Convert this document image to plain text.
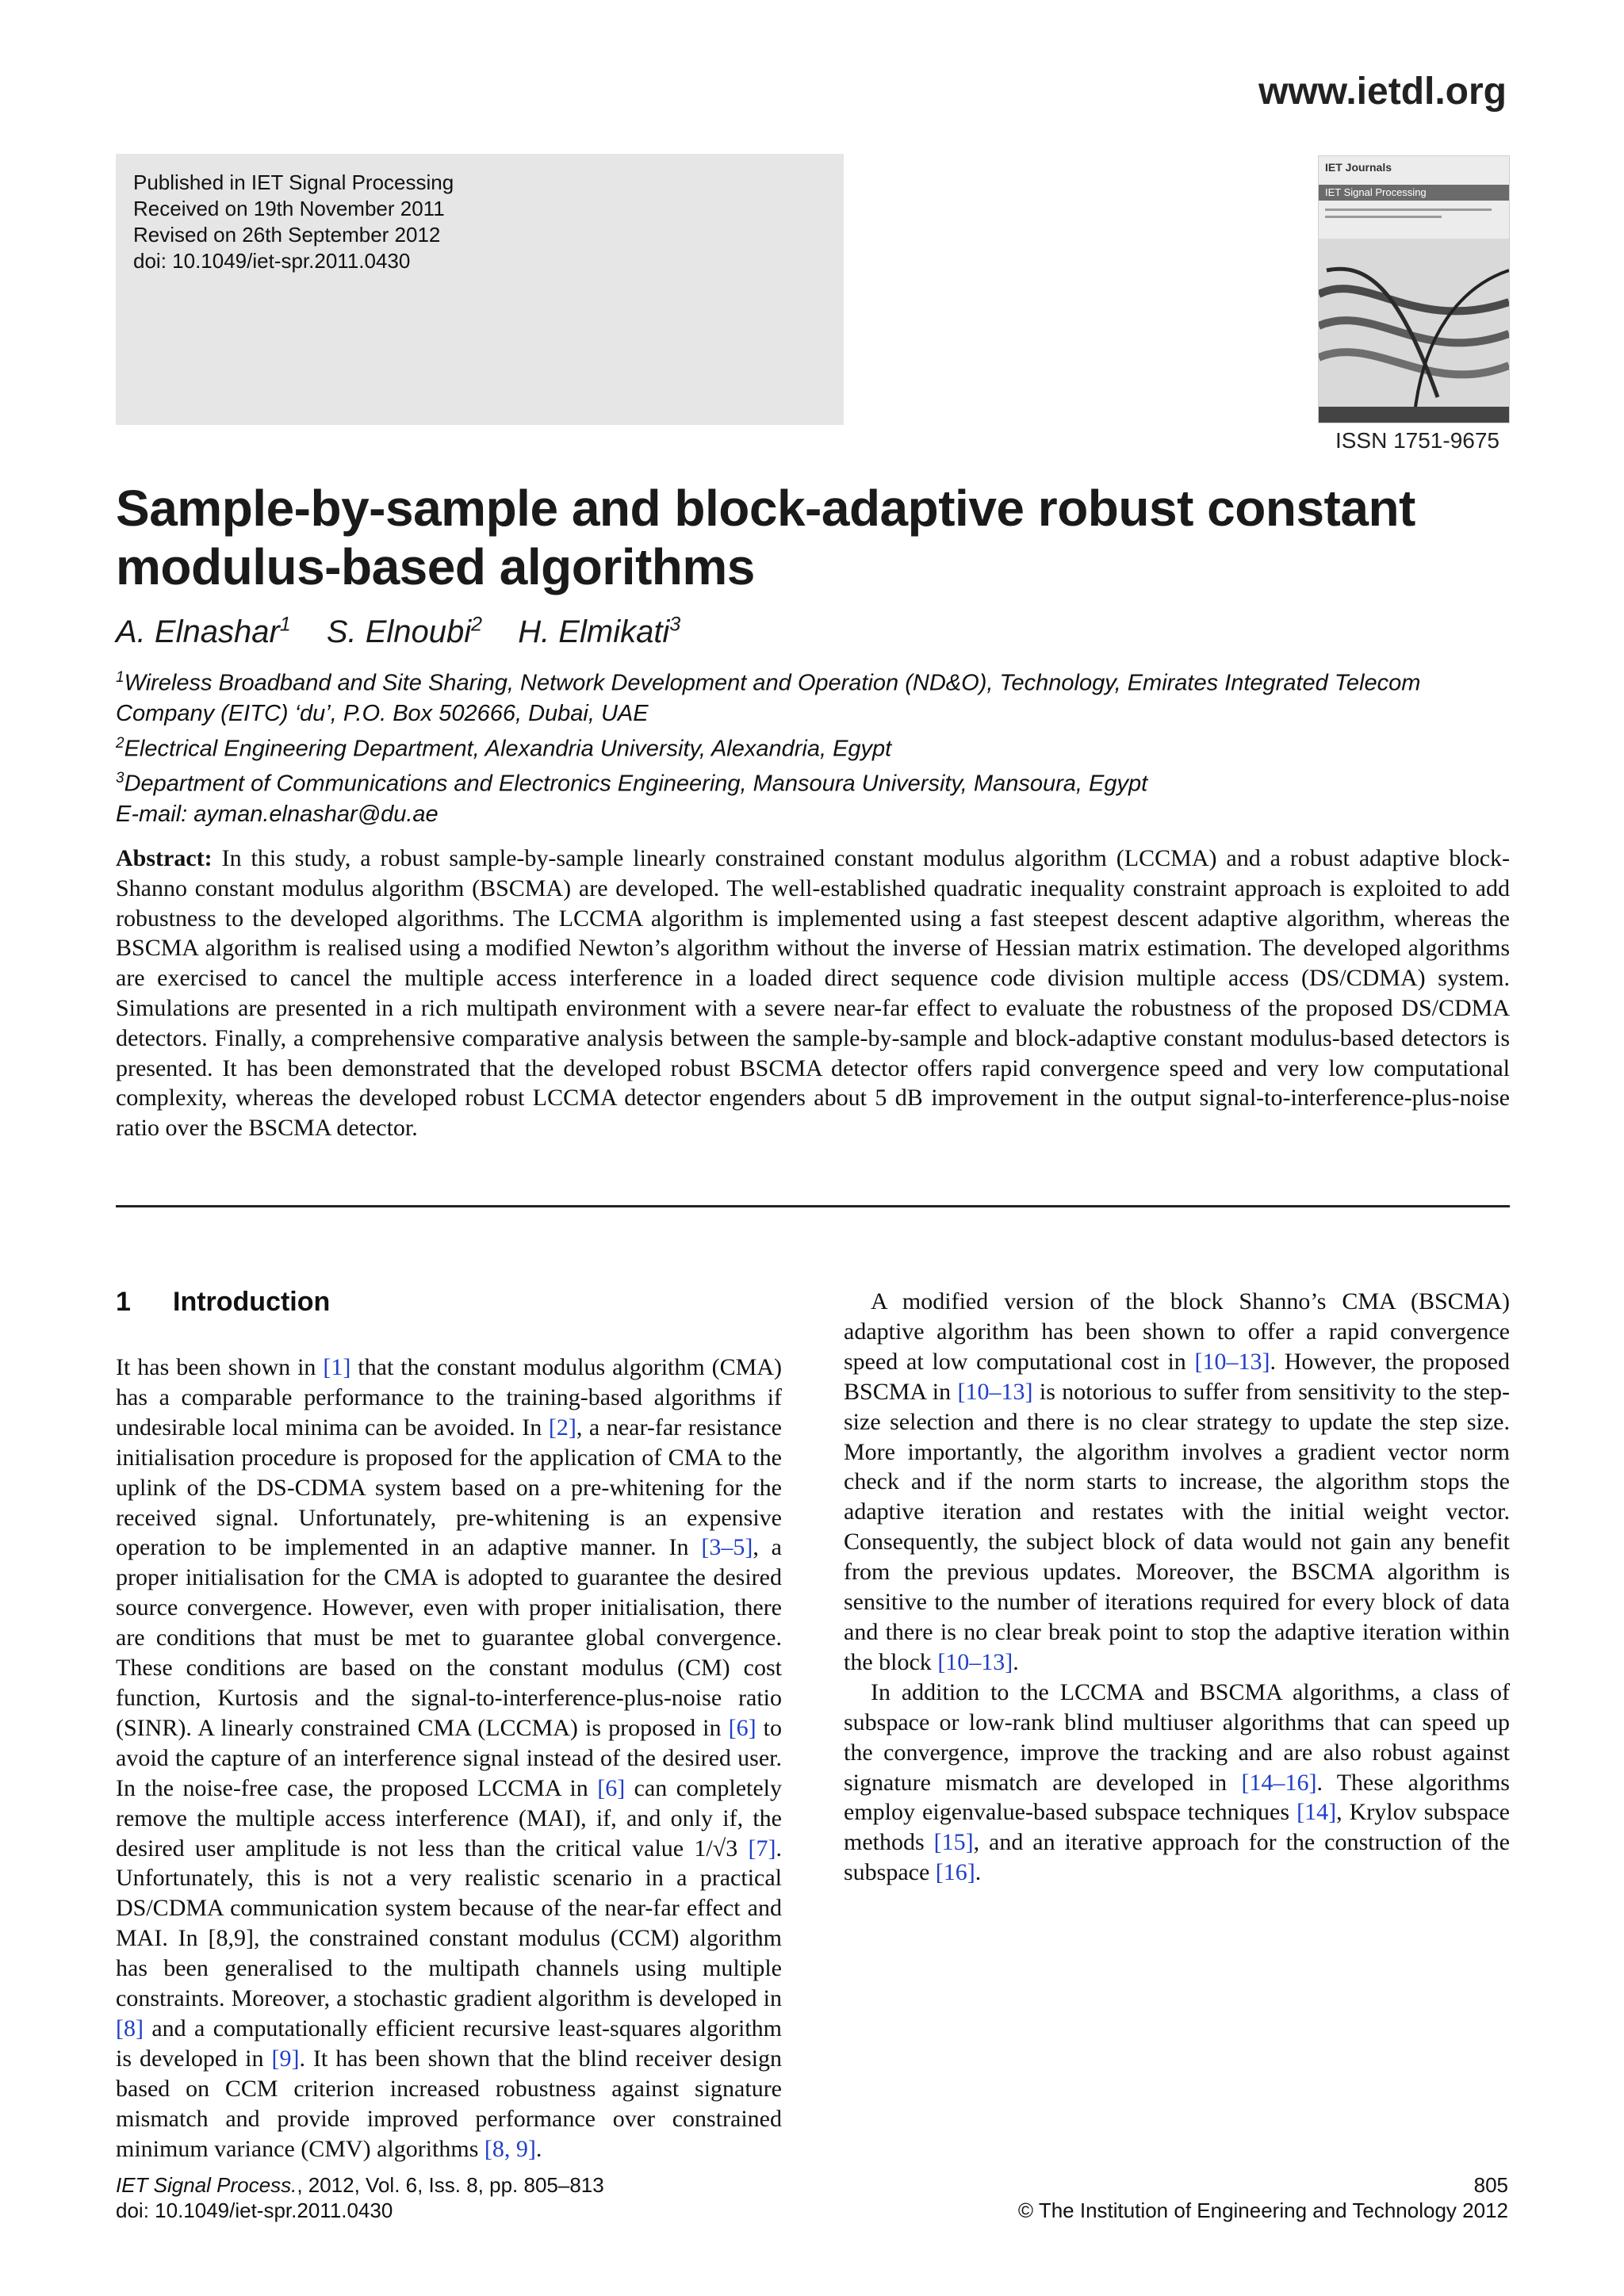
www.ietdl.org
Published in IET Signal Processing
Received on 19th November 2011
Revised on 26th September 2012
doi: 10.1049/iet-spr.2011.0430
IET Journals
IET Signal Processing
ISSN 1751-9675
Sample-by-sample and block-adaptive robust constant modulus-based algorithms
A. Elnashar$^1$ S. Elnoubi$^2$ H. Elmikati$^3$
$^1$Wireless Broadband and Site Sharing, Network Development and Operation (ND&O), Technology, Emirates Integrated Telecom Company (EITC) ‘du’, P.O. Box 502666, Dubai, UAE
$^2$Electrical Engineering Department, Alexandria University, Alexandria, Egypt
$^3$Department of Communications and Electronics Engineering, Mansoura University, Mansoura, Egypt
E-mail: ayman.elnashar@du.ae
Abstract: In this study, a robust sample-by-sample linearly constrained constant modulus algorithm (LCCMA) and a robust adaptive block-Shanno constant modulus algorithm (BSCMA) are developed. The well-established quadratic inequality constraint approach is exploited to add robustness to the developed algorithms. The LCCMA algorithm is implemented using a fast steepest descent adaptive algorithm, whereas the BSCMA algorithm is realised using a modified Newton’s algorithm without the inverse of Hessian matrix estimation. The developed algorithms are exercised to cancel the multiple access interference in a loaded direct sequence code division multiple access (DS/CDMA) system. Simulations are presented in a rich multipath environment with a severe near-far effect to evaluate the robustness of the proposed DS/CDMA detectors. Finally, a comprehensive comparative analysis between the sample-by-sample and block-adaptive constant modulus-based detectors is presented. It has been demonstrated that the developed robust BSCMA detector offers rapid convergence speed and very low computational complexity, whereas the developed robust LCCMA detector engenders about 5 dB improvement in the output signal-to-interference-plus-noise ratio over the BSCMA detector.

1 Introduction

It has been shown in [1] that the constant modulus algorithm (CMA) has a comparable performance to the training-based algorithms if undesirable local minima can be avoided. In [2], a near-far resistance initialisation procedure is proposed for the application of CMA to the uplink of the DS-CDMA system based on a pre-whitening for the received signal. Unfortunately, pre-whitening is an expensive operation to be implemented in an adaptive manner. In [3–5], a proper initialisation for the CMA is adopted to guarantee the desired source convergence. However, even with proper initialisation, there are conditions that must be met to guarantee global convergence. These conditions are based on the constant modulus (CM) cost function, Kurtosis and the signal-to-interference-plus-noise ratio (SINR). A linearly constrained CMA (LCCMA) is proposed in [6] to avoid the capture of an interference signal instead of the desired user. In the noise-free case, the proposed LCCMA in [6] can completely remove the multiple access interference (MAI), if, and only if, the desired user amplitude is not less than the critical value 1/√3 [7]. Unfortunately, this is not a very realistic scenario in a practical DS/CDMA communication system because of the near-far effect and MAI. In [8,9], the constrained constant modulus (CCM) algorithm has been generalised to the multipath channels using multiple constraints. Moreover, a stochastic gradient algorithm is developed in [8] and a computationally efficient recursive least-squares algorithm is developed in [9]. It has been shown that the blind receiver design based on CCM criterion increased robustness against signature mismatch and provide improved performance over constrained minimum variance (CMV) algorithms [8, 9].

A modified version of the block Shanno’s CMA (BSCMA) adaptive algorithm has been shown to offer a rapid convergence speed at low computational cost in [10–13]. However, the proposed BSCMA in [10–13] is notorious to suffer from sensitivity to the step-size selection and there is no clear strategy to update the step size. More importantly, the algorithm involves a gradient vector norm check and if the norm starts to increase, the algorithm stops the adaptive iteration and restates with the initial weight vector. Consequently, the subject block of data would not gain any benefit from the previous updates. Moreover, the BSCMA algorithm is sensitive to the number of iterations required for every block of data and there is no clear break point to stop the adaptive iteration within the block [10–13].

In addition to the LCCMA and BSCMA algorithms, a class of subspace or low-rank blind multiuser algorithms that can speed up the convergence, improve the tracking and are also robust against signature mismatch are developed in [14–16]. These algorithms employ eigenvalue-based subspace techniques [14], Krylov subspace methods [15], and an iterative approach for the construction of the subspace [16].

IET Signal Process., 2012, Vol. 6, Iss. 8, pp. 805–813
doi: 10.1049/iet-spr.2011.0430
805
© The Institution of Engineering and Technology 2012
